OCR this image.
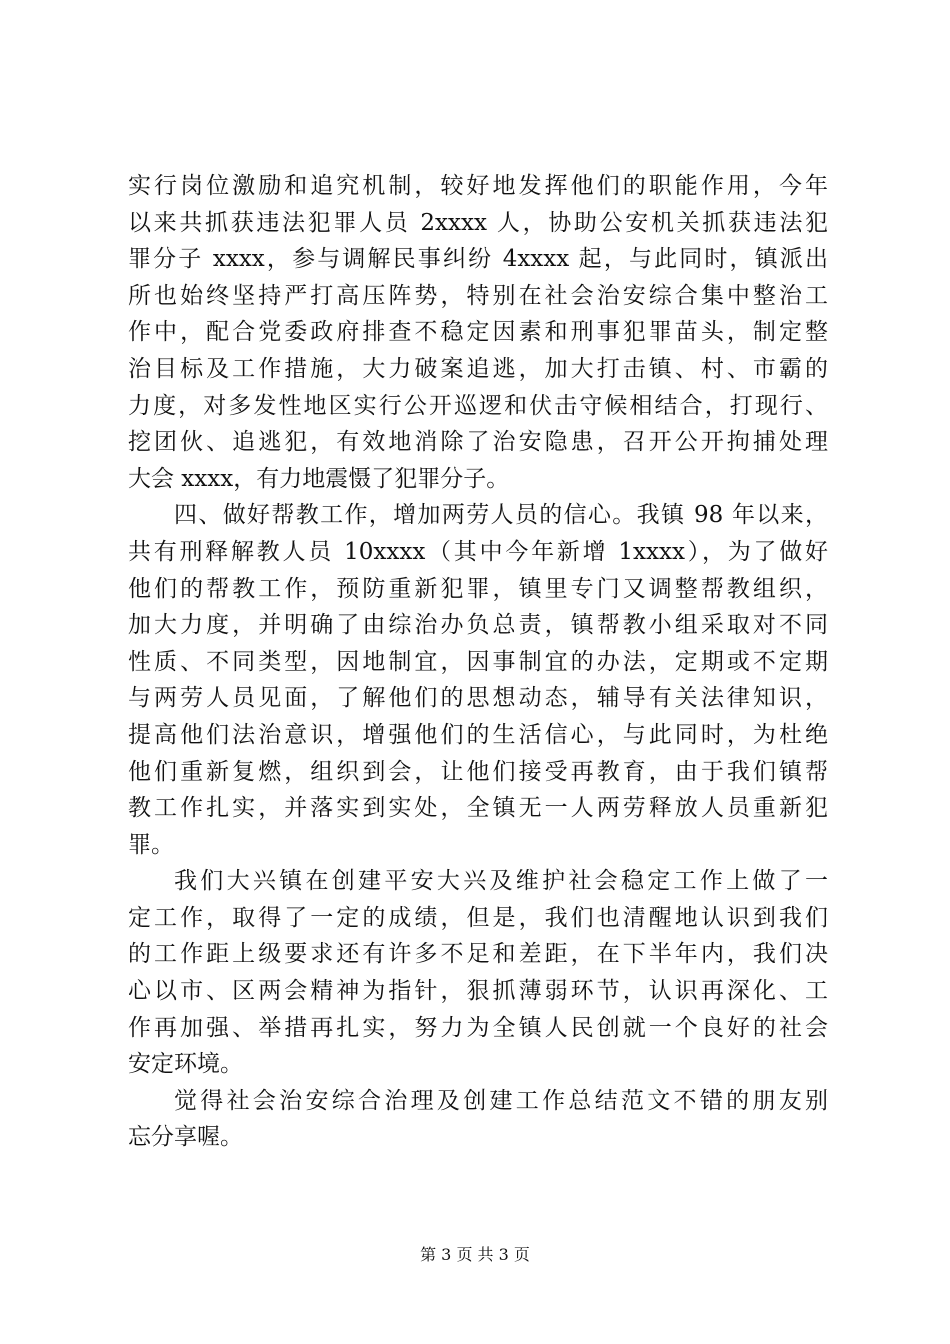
实行岗位激励和追究机制，较好地发挥他们的职能作用，今年
以来共抓获违法犯罪人员 2xxxx 人，协助公安机关抓获违法犯
罪分子 xxxx，参与调解民事纠纷 4xxxx 起，与此同时，镇派出
所也始终坚持严打高压阵势，特别在社会治安综合集中整治工
作中，配合党委政府排查不稳定因素和刑事犯罪苗头，制定整
治目标及工作措施，大力破案追逃，加大打击镇、村、市霸的
力度，对多发性地区实行公开巡逻和伏击守候相结合，打现行、
挖团伙、追逃犯，有效地消除了治安隐患，召开公开拘捕处理
大会 xxxx，有力地震慑了犯罪分子。
四、做好帮教工作，增加两劳人员的信心。我镇 98 年以来，
共有刑释解教人员 10xxxx（其中今年新增 1xxxx），为了做好
他们的帮教工作，预防重新犯罪，镇里专门又调整帮教组织，
加大力度，并明确了由综治办负总责，镇帮教小组采取对不同
性质、不同类型，因地制宜，因事制宜的办法，定期或不定期
与两劳人员见面，了解他们的思想动态，辅导有关法律知识，
提高他们法治意识，增强他们的生活信心，与此同时，为杜绝
他们重新复燃，组织到会，让他们接受再教育，由于我们镇帮
教工作扎实，并落实到实处，全镇无一人两劳释放人员重新犯
罪。
我们大兴镇在创建平安大兴及维护社会稳定工作上做了一
定工作，取得了一定的成绩，但是，我们也清醒地认识到我们
的工作距上级要求还有许多不足和差距，在下半年内，我们决
心以市、区两会精神为指针，狠抓薄弱环节，认识再深化、工
作再加强、举措再扎实，努力为全镇人民创就一个良好的社会
安定环境。
觉得社会治安综合治理及创建工作总结范文不错的朋友别
忘分享喔。
第 3 页 共 3 页
